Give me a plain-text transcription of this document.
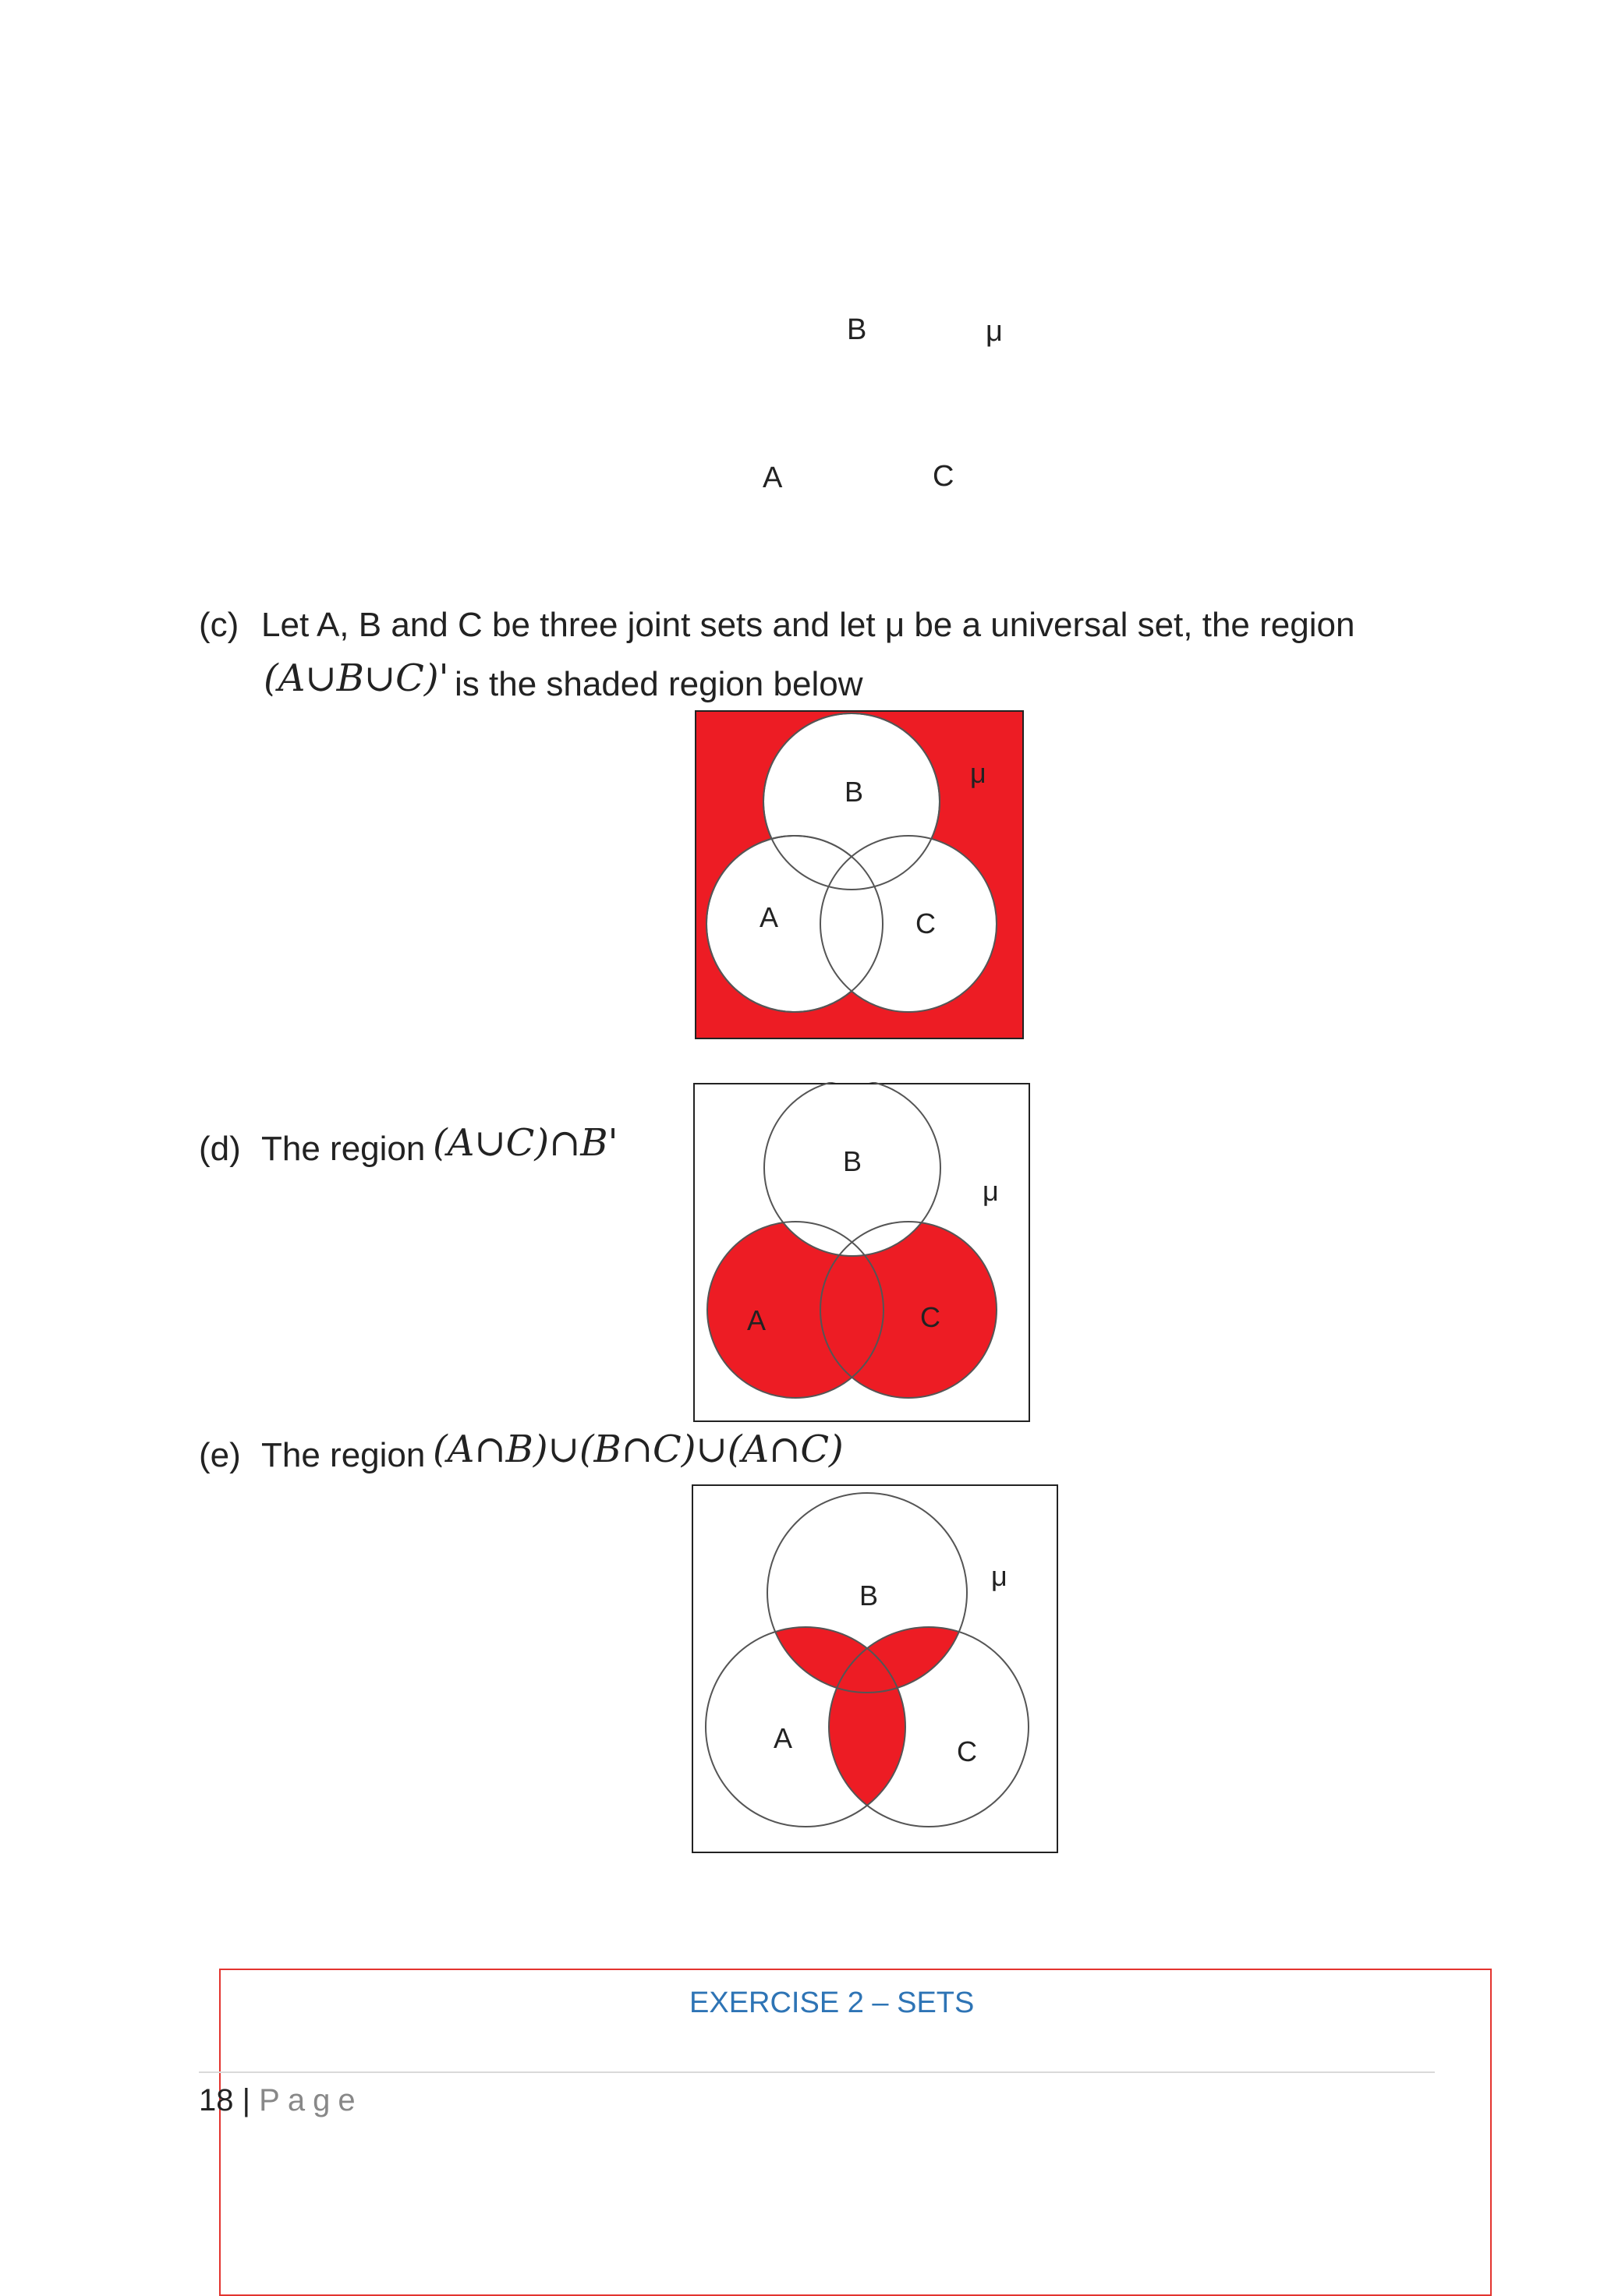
B	μ
A	C
(c) Let A, B and C be three joint sets and let μ be a universal set, the region
(A∪B∪C)' is the shaded region below
B
μ
A	C
(d) The region (A∪C)∩B'	B
μ
A	C
(e) The region (A∩B)∪(B∩C)∪(A∩C)
B
μ
A	C
EXERCISE 2 – SETS
18 | Page
